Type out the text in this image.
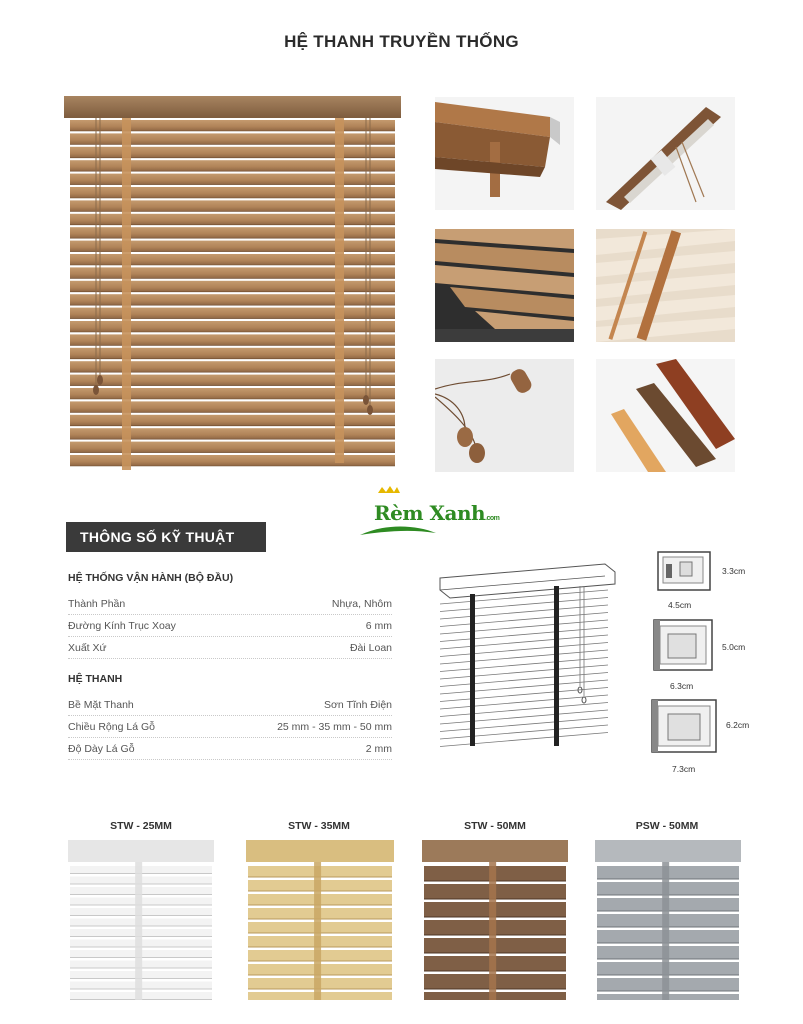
HỆ THANH TRUYỀN THỐNG
Rèm Xanh.com
THÔNG SỐ KỸ THUẬT
HỆ THỐNG VẬN HÀNH (BỘ ĐẦU)
Thành Phần	Nhựa, Nhôm
Đường Kính Trục Xoay	6 mm
Xuất Xứ	Đài Loan
HỆ THANH
Bề Mặt Thanh	Sơn Tĩnh Điện
Chiều Rộng Lá Gỗ	25 mm - 35 mm - 50 mm
Độ Dày Lá Gỗ	2 mm
3.3cm
4.5cm
5.0cm
6.3cm
6.2cm
7.3cm
STW - 25MM	STW - 35MM	STW - 50MM	PSW - 50MM
